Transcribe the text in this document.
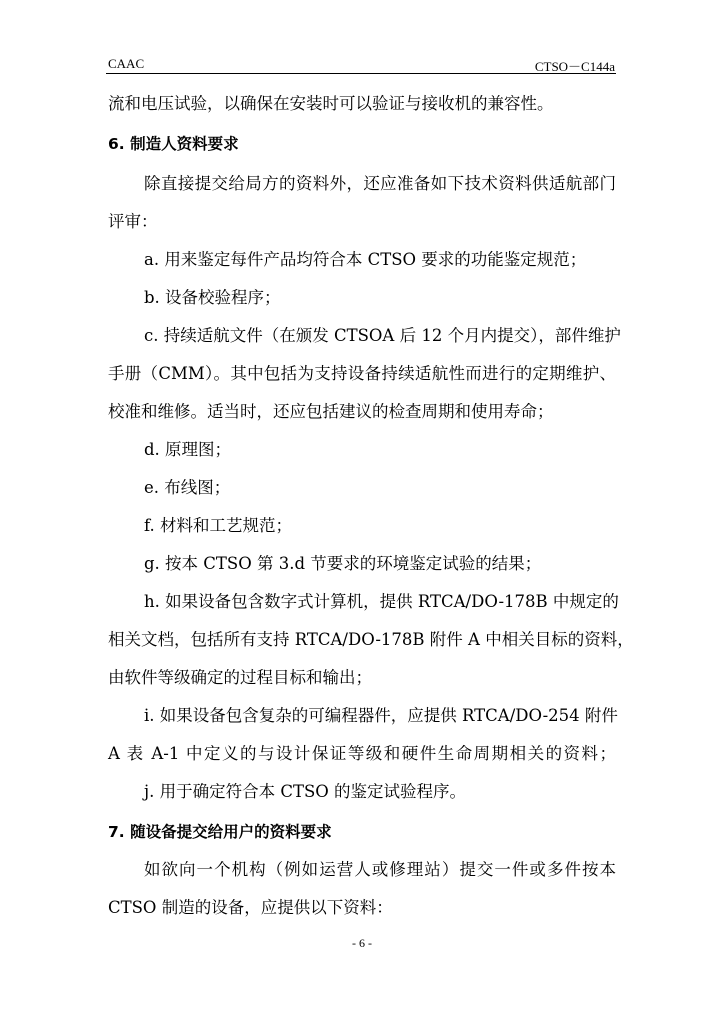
CAAC	CTSO－C144a
流和电压试验，以确保在安装时可以验证与接收机的兼容性。
6. 制造人资料要求
除直接提交给局方的资料外，还应准备如下技术资料供适航部门
评审：
a. 用来鉴定每件产品均符合本 CTSO 要求的功能鉴定规范；
b. 设备校验程序；
c. 持续适航文件（在颁发 CTSOA 后 12 个月内提交），部件维护
手册（CMM）。其中包括为支持设备持续适航性而进行的定期维护、
校准和维修。适当时，还应包括建议的检查周期和使用寿命；
d. 原理图；
e. 布线图；
f. 材料和工艺规范；
g. 按本 CTSO 第 3.d 节要求的环境鉴定试验的结果；
h. 如果设备包含数字式计算机，提供 RTCA/DO-178B 中规定的
相关文档，包括所有支持 RTCA/DO-178B 附件 A 中相关目标的资料，
由软件等级确定的过程目标和输出；
i. 如果设备包含复杂的可编程器件，应提供 RTCA/DO-254 附件
A 表 A-1 中定义的与设计保证等级和硬件生命周期相关的资料；
j. 用于确定符合本 CTSO 的鉴定试验程序。
7. 随设备提交给用户的资料要求
如欲向一个机构（例如运营人或修理站）提交一件或多件按本
CTSO 制造的设备，应提供以下资料：
- 6 -
